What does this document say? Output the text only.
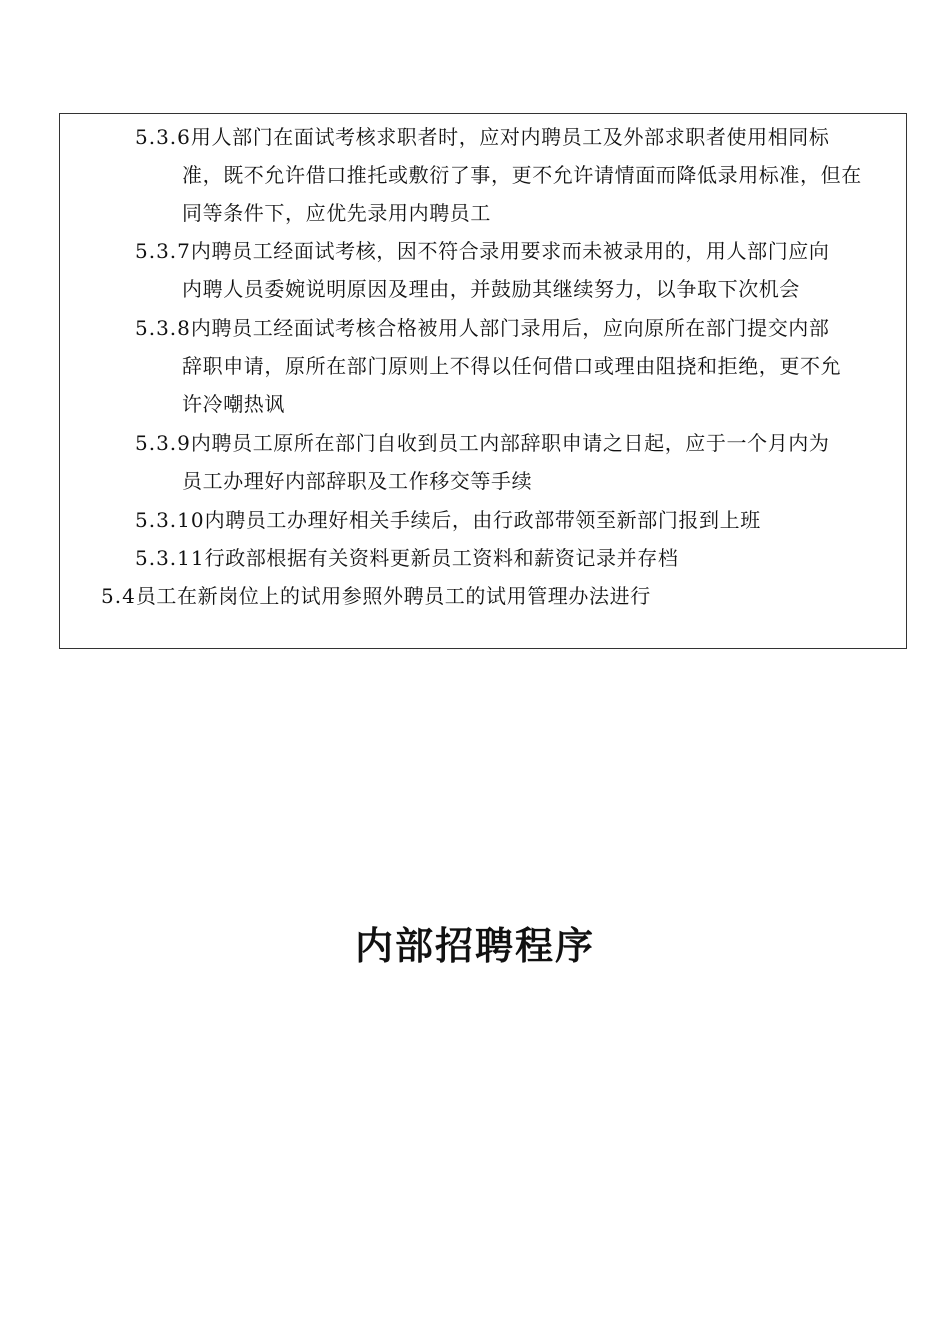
5.3.6用人部门在面试考核求职者时，应对内聘员工及外部求职者使用相同标
准，既不允许借口推托或敷衍了事，更不允许请情面而降低录用标准，但在
同等条件下，应优先录用内聘员工
5.3.7内聘员工经面试考核，因不符合录用要求而未被录用的，用人部门应向
内聘人员委婉说明原因及理由，并鼓励其继续努力，以争取下次机会
5.3.8内聘员工经面试考核合格被用人部门录用后，应向原所在部门提交内部
辞职申请，原所在部门原则上不得以任何借口或理由阻挠和拒绝，更不允
许冷嘲热讽
5.3.9内聘员工原所在部门自收到员工内部辞职申请之日起，应于一个月内为
员工办理好内部辞职及工作移交等手续
5.3.10内聘员工办理好相关手续后，由行政部带领至新部门报到上班
5.3.11行政部根据有关资料更新员工资料和薪资记录并存档
5.4员工在新岗位上的试用参照外聘员工的试用管理办法进行
内部招聘程序
